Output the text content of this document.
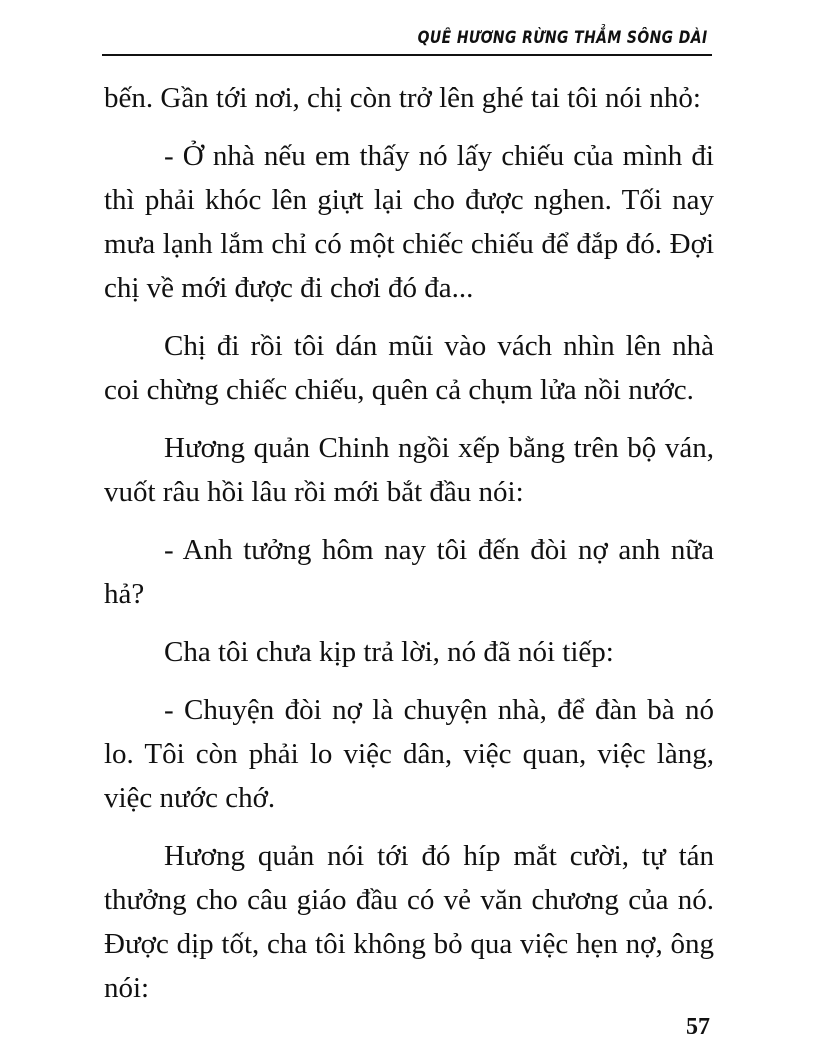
QUÊ HƯƠNG RỪNG THẲM SÔNG DÀI

bến. Gần tới nơi, chị còn trở lên ghé tai tôi nói nhỏ:

- Ở nhà nếu em thấy nó lấy chiếu của mình đi thì phải khóc lên giựt lại cho được nghen. Tối nay mưa lạnh lắm chỉ có một chiếc chiếu để đắp đó. Đợi chị về mới được đi chơi đó đa...

Chị đi rồi tôi dán mũi vào vách nhìn lên nhà coi chừng chiếc chiếu, quên cả chụm lửa nồi nước.

Hương quản Chinh ngồi xếp bằng trên bộ ván, vuốt râu hồi lâu rồi mới bắt đầu nói:

- Anh tưởng hôm nay tôi đến đòi nợ anh nữa hả?

Cha tôi chưa kịp trả lời, nó đã nói tiếp:

- Chuyện đòi nợ là chuyện nhà, để đàn bà nó lo. Tôi còn phải lo việc dân, việc quan, việc làng, việc nước chớ.

Hương quản nói tới đó híp mắt cười, tự tán thưởng cho câu giáo đầu có vẻ văn chương của nó. Được dịp tốt, cha tôi không bỏ qua việc hẹn nợ, ông nói:

57
